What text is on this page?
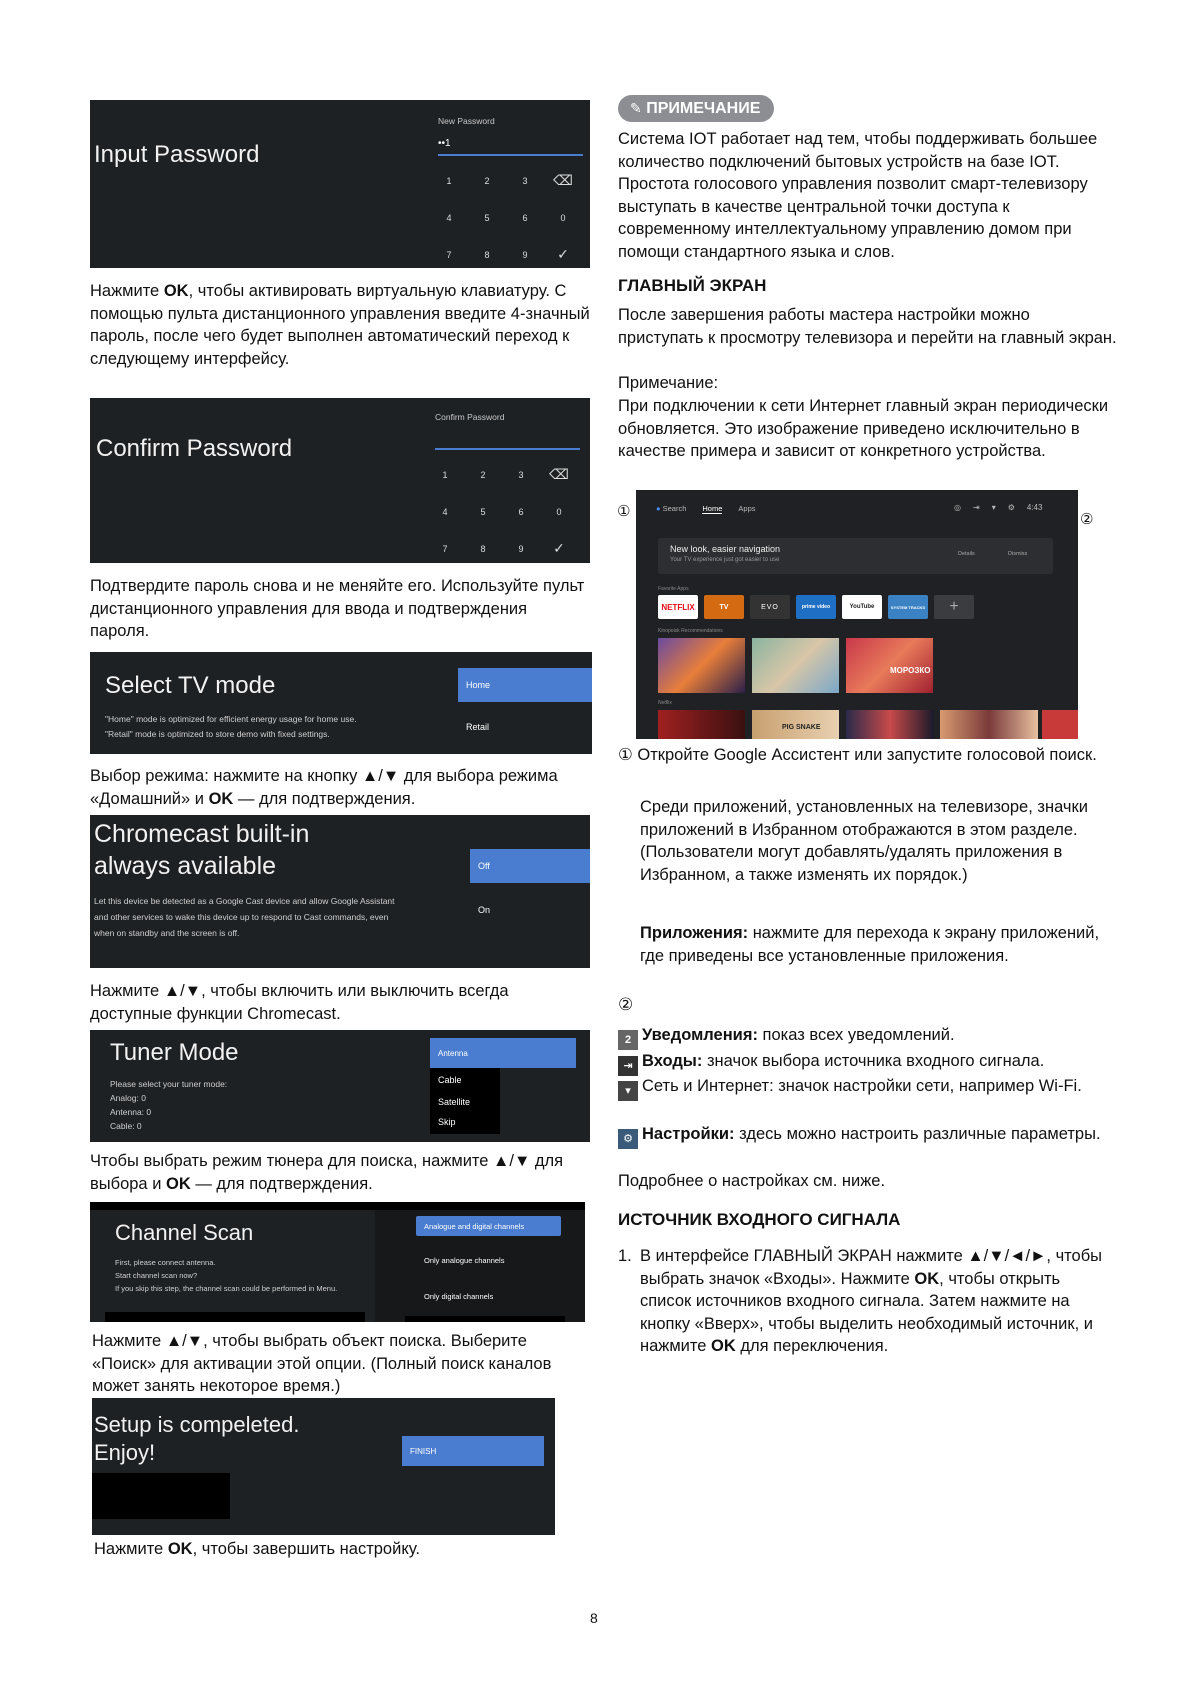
Input Password
New Password
••1
1	2	3	⌫
4	5	6	0
7	8	9	✓
Нажмите OK, чтобы активировать виртуальную клавиатуру. С помощью пульта дистанционного управления введите 4-значный пароль, после чего будет выполнен автоматический переход к следующему интерфейсу.
Confirm Password
Confirm Password
1	2	3	⌫
4	5	6	0
7	8	9	✓
Подтвердите пароль снова и не меняйте его. Используйте пульт дистанционного управления для ввода и подтверждения пароля.
Select TV mode
"Home" mode is optimized for efficient energy usage for home use.
"Retail" mode is optimized to store demo with fixed settings.
Home
Retail
Выбор режима: нажмите на кнопку ▲/▼ для выбора режима «Домашний» и OK — для подтверждения.
Chromecast built-in
always available
Let this device be detected as a Google Cast device and allow Google Assistant and other services to wake this device up to respond to Cast commands, even when on standby and the screen is off.
Off
On
Нажмите ▲/▼, чтобы включить или выключить всегда доступные функции Chromecast.
Tuner Mode
Please select your tuner mode:
Analog: 0
Antenna: 0
Cable: 0
Antenna
Cable
Satellite
Skip
Чтобы выбрать режим тюнера для поиска, нажмите ▲/▼ для выбора и OK — для подтверждения.
Channel Scan
First, please connect antenna.
Start channel scan now?
If you skip this step, the channel scan could be performed in Menu.
Analogue and digital channels
Only analogue channels
Only digital channels
Нажмите ▲/▼, чтобы выбрать объект поиска. Выберите «Поиск» для активации этой опции. (Полный поиск каналов может занять некоторое время.)
Setup is compeleted.
Enjoy!	FINISH
Нажмите OK, чтобы завершить настройку.
✎ ПРИМЕЧАНИЕ
Система IOT работает над тем, чтобы поддерживать большее количество подключений бытовых устройств на базе IOT. Простота голосового управления позволит смарт-телевизору выступать в качестве центральной точки доступа к современному интеллектуальному управлению домом при помощи стандартного языка и слов.
ГЛАВНЫЙ ЭКРАН
После завершения работы мастера настройки можно приступать к просмотру телевизора и перейти на главный экран.
Примечание:
При подключении к сети Интернет главный экран периодически обновляется. Это изображение приведено исключительно в качестве примера и зависит от конкретного устройства.
①	②
● Search Home Apps	◎ ⇥ ▾ ⚙ 4:43
New look, easier navigation
Your TV experience just got easier to use
Details	Dismiss
Favorite Apps
NETFLIX	TV	EVO	prime video	YouTube	SYSTEM TRACKS	+
Kinopoisk Recommendations
МОРОЗКО
Netflix
PIG SNAKE
① Откройте Google Ассистент или запустите голосовой поиск.
Среди приложений, установленных на телевизоре, значки приложений в Избранном отображаются в этом разделе. (Пользователи могут добавлять/удалять приложения в Избранном, а также изменять их порядок.)
Приложения: нажмите для перехода к экрану приложений, где приведены все установленные приложения.
②
2 Уведомления: показ всех уведомлений.
⇥ Входы: значок выбора источника входного сигнала.
▾ Сеть и Интернет: значок настройки сети, например Wi-Fi.
⚙ Настройки: здесь можно настроить различные параметры.
Подробнее о настройках см. ниже.
ИСТОЧНИК ВХОДНОГО СИГНАЛА
1. В интерфейсе ГЛАВНЫЙ ЭКРАН нажмите ▲/▼/◄/►, чтобы выбрать значок «Входы». Нажмите OK, чтобы открыть список источников входного сигнала. Затем нажмите на кнопку «Вверх», чтобы выделить необходимый источник, и нажмите OK для переключения.
8
